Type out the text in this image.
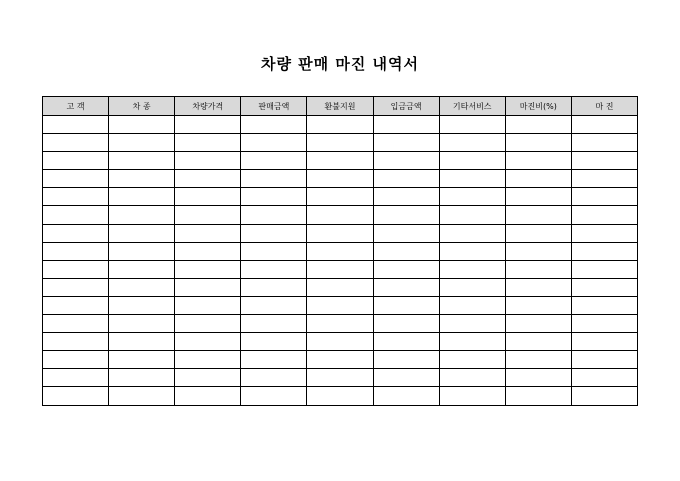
차량 판매 마진 내역서
고 객	차 종	차량가격	판매금액	환불지원	입금금액	기타서비스	마진비(%)	마 진
